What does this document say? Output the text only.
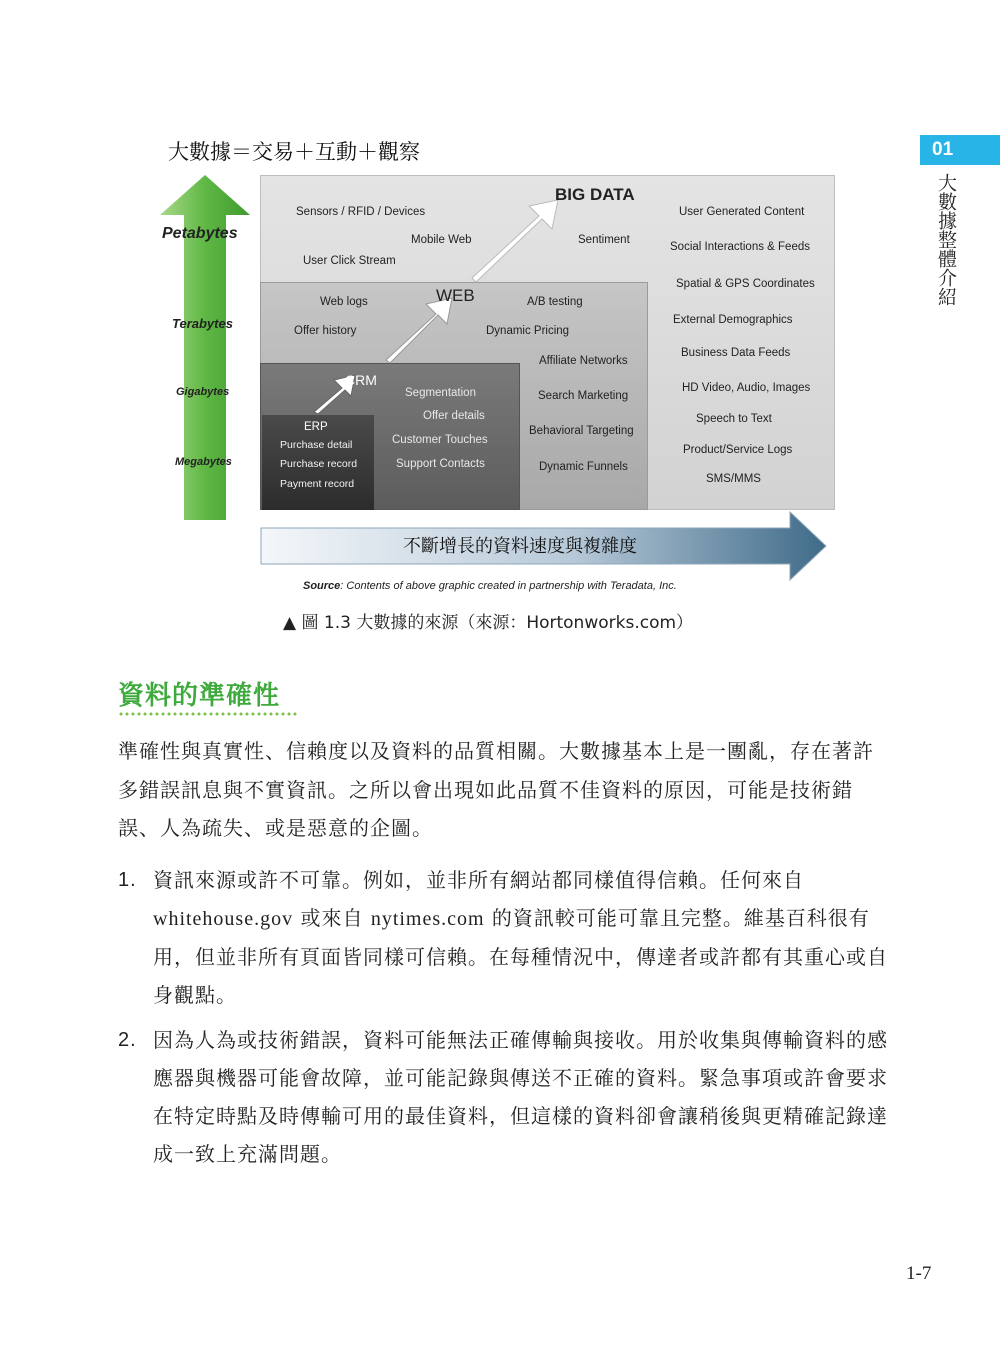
01
大數據整體介紹
大數據＝交易＋互動＋觀察
Petabytes
Terabytes
Gigabytes
Megabytes
BIG DATA
Sensors / RFID / Devices
Mobile Web
User Click Stream
Sentiment
User Generated Content
Social Interactions & Feeds
Spatial & GPS Coordinates
External Demographics
Business Data Feeds
HD Video, Audio, Images
Speech to Text
Product/Service Logs
SMS/MMS
WEB
Web logs	A/B testing
Offer history	Dynamic Pricing
Affiliate Networks
Search Marketing
Behavioral Targeting
Dynamic Funnels
CRM
Segmentation
Offer details
Customer Touches
Support Contacts
ERP
Purchase detail
Purchase record
Payment record
不斷增長的資料速度與複雜度
Source: Contents of above graphic created in partnership with Teradata, Inc.
▲ 圖 1.3 大數據的來源（來源：Hortonworks.com）
資料的準確性
準確性與真實性、信賴度以及資料的品質相關。大數據基本上是一團亂，存在著許多錯誤訊息與不實資訊。之所以會出現如此品質不佳資料的原因，可能是技術錯誤、人為疏失、或是惡意的企圖。
1. 資訊來源或許不可靠。例如，並非所有網站都同樣值得信賴。任何來自whitehouse.gov 或來自 nytimes.com 的資訊較可能可靠且完整。維基百科很有用，但並非所有頁面皆同樣可信賴。在每種情況中，傳達者或許都有其重心或自身觀點。
2. 因為人為或技術錯誤，資料可能無法正確傳輸與接收。用於收集與傳輸資料的感應器與機器可能會故障，並可能記錄與傳送不正確的資料。緊急事項或許會要求在特定時點及時傳輸可用的最佳資料，但這樣的資料卻會讓稍後與更精確記錄達成一致上充滿問題。
1-7
